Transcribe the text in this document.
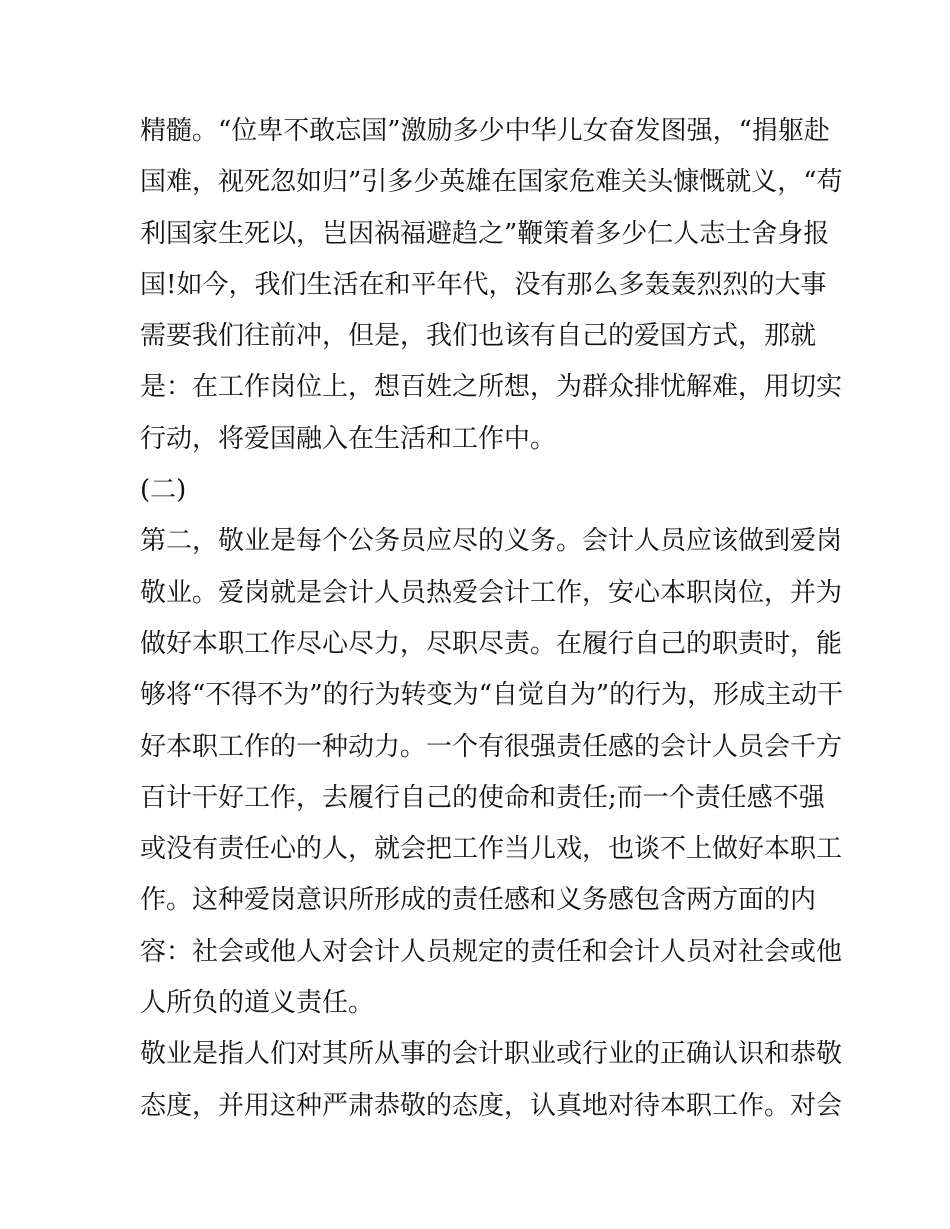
精髓。“位卑不敢忘国”激励多少中华儿女奋发图强，“捐躯赴
国难，视死忽如归”引多少英雄在国家危难关头慷慨就义，“苟
利国家生死以，岂因祸福避趋之”鞭策着多少仁人志士舍身报
国!如今，我们生活在和平年代，没有那么多轰轰烈烈的大事
需要我们往前冲，但是，我们也该有自己的爱国方式，那就
是：在工作岗位上，想百姓之所想，为群众排忧解难，用切实
行动，将爱国融入在生活和工作中。
(二)
第二，敬业是每个公务员应尽的义务。会计人员应该做到爱岗
敬业。爱岗就是会计人员热爱会计工作，安心本职岗位，并为
做好本职工作尽心尽力，尽职尽责。在履行自己的职责时，能
够将“不得不为”的行为转变为“自觉自为”的行为，形成主动干
好本职工作的一种动力。一个有很强责任感的会计人员会千方
百计干好工作，去履行自己的使命和责任;而一个责任感不强
或没有责任心的人，就会把工作当儿戏，也谈不上做好本职工
作。这种爱岗意识所形成的责任感和义务感包含两方面的内
容：社会或他人对会计人员规定的责任和会计人员对社会或他
人所负的道义责任。
敬业是指人们对其所从事的会计职业或行业的正确认识和恭敬
态度，并用这种严肃恭敬的态度，认真地对待本职工作。对会
